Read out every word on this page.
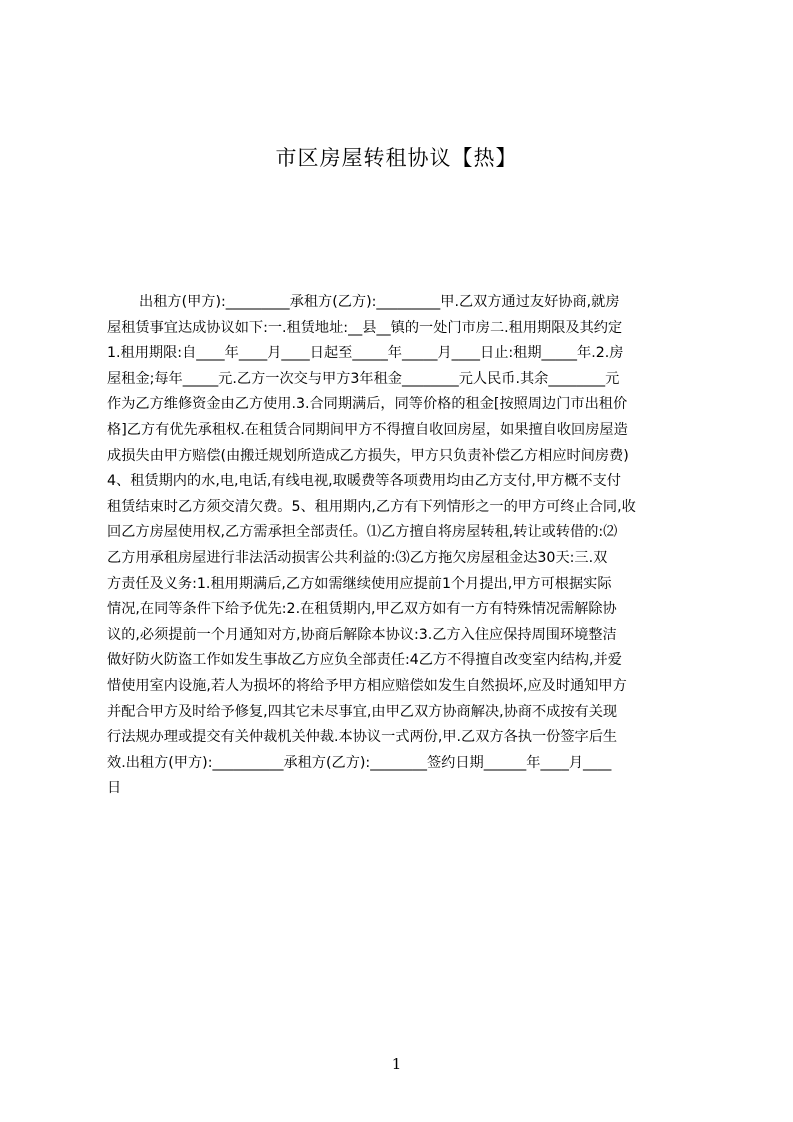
市区房屋转租协议【热】
出租方(甲方):_________承租方(乙方):_________甲.乙双方通过友好协商,就房
屋租赁事宜达成协议如下:一.租赁地址:__县__镇的一处门市房二.租用期限及其约定
1.租用期限:自____年____月____日起至_____年_____月____日止:租期_____年.2.房
屋租金;每年_____元.乙方一次交与甲方3年租金________元人民币.其余________元
作为乙方维修资金由乙方使用.3.合同期满后，同等价格的租金[按照周边门市出租价
格]乙方有优先承租权.在租赁合同期间甲方不得擅自收回房屋，如果擅自收回房屋造
成损失由甲方赔偿(由搬迁规划所造成乙方损失，甲方只负责补偿乙方相应时间房费)
4、租赁期内的水,电,电话,有线电视,取暖费等各项费用均由乙方支付,甲方概不支付
租赁结束时乙方须交清欠费。5、租用期内,乙方有下列情形之一的甲方可终止合同,收
回乙方房屋使用权,乙方需承担全部责任。⑴乙方擅自将房屋转租,转让或转借的:⑵
乙方用承租房屋进行非法活动损害公共利益的:⑶乙方拖欠房屋租金达30天:三.双
方责任及义务:1.租用期满后,乙方如需继续使用应提前1个月提出,甲方可根据实际
情况,在同等条件下给予优先:2.在租赁期内,甲乙双方如有一方有特殊情况需解除协
议的,必须提前一个月通知对方,协商后解除本协议:3.乙方入住应保持周围环境整洁
做好防火防盗工作如发生事故乙方应负全部责任:4乙方不得擅自改变室内结构,并爱
惜使用室内设施,若人为损坏的将给予甲方相应赔偿如发生自然损坏,应及时通知甲方
并配合甲方及时给予修复,四其它未尽事宜,由甲乙双方协商解决,协商不成按有关现
行法规办理或提交有关仲裁机关仲裁.本协议一式两份,甲.乙双方各执一份签字后生
效.出租方(甲方):__________承租方(乙方):________签约日期______年____月____
日
1
